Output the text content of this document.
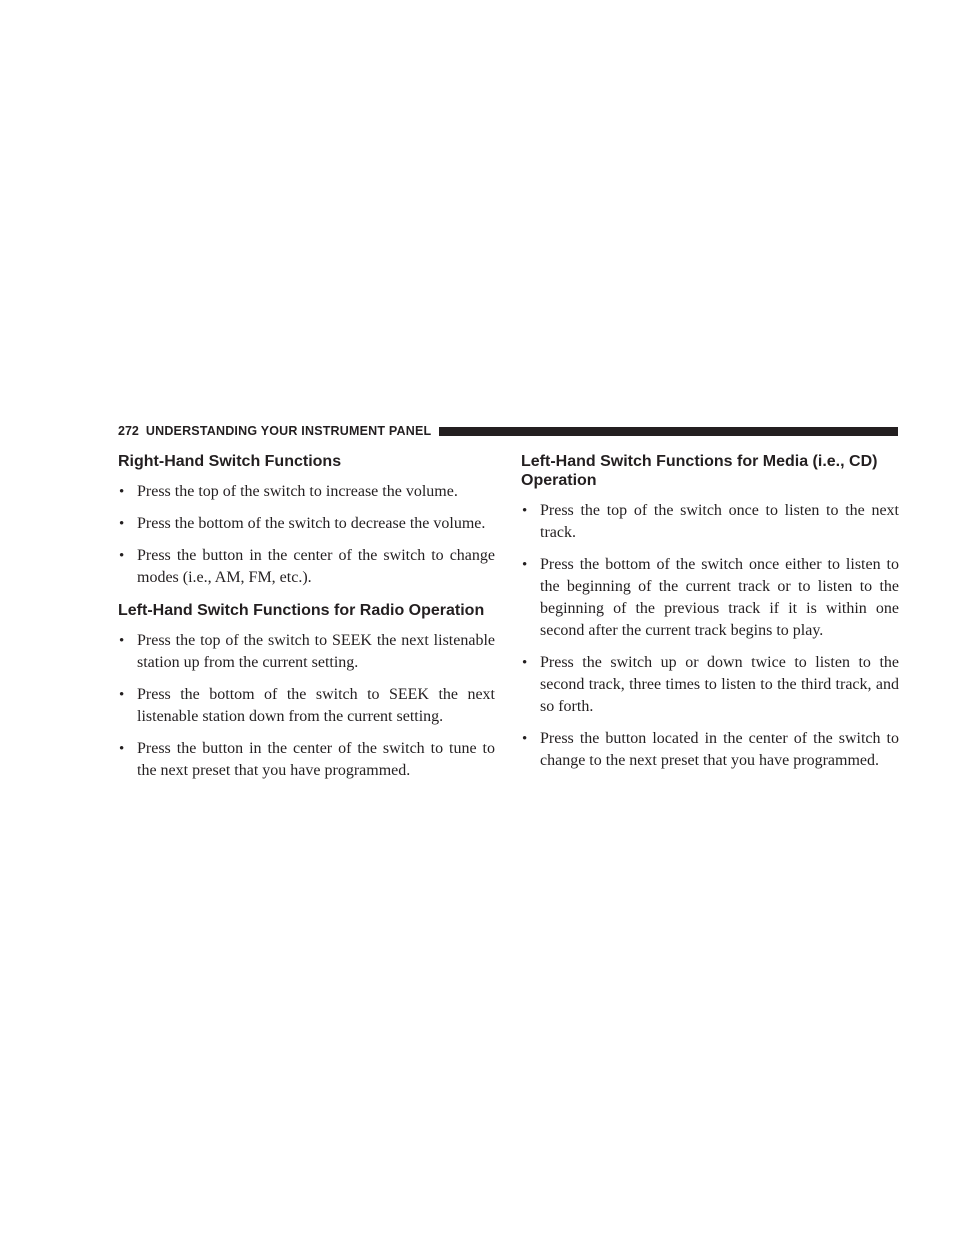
272 UNDERSTANDING YOUR INSTRUMENT PANEL
Right-Hand Switch Functions
• Press the top of the switch to increase the volume.
• Press the bottom of the switch to decrease the volume.
• Press the button in the center of the switch to change modes (i.e., AM, FM, etc.).
Left-Hand Switch Functions for Radio Operation
• Press the top of the switch to SEEK the next listenable station up from the current setting.
• Press the bottom of the switch to SEEK the next listenable station down from the current setting.
• Press the button in the center of the switch to tune to the next preset that you have programmed.
Left-Hand Switch Functions for Media (i.e., CD) Operation
• Press the top of the switch once to listen to the next track.
• Press the bottom of the switch once either to listen to the beginning of the current track or to listen to the beginning of the previous track if it is within one second after the current track begins to play.
• Press the switch up or down twice to listen to the second track, three times to listen to the third track, and so forth.
• Press the button located in the center of the switch to change to the next preset that you have programmed.
